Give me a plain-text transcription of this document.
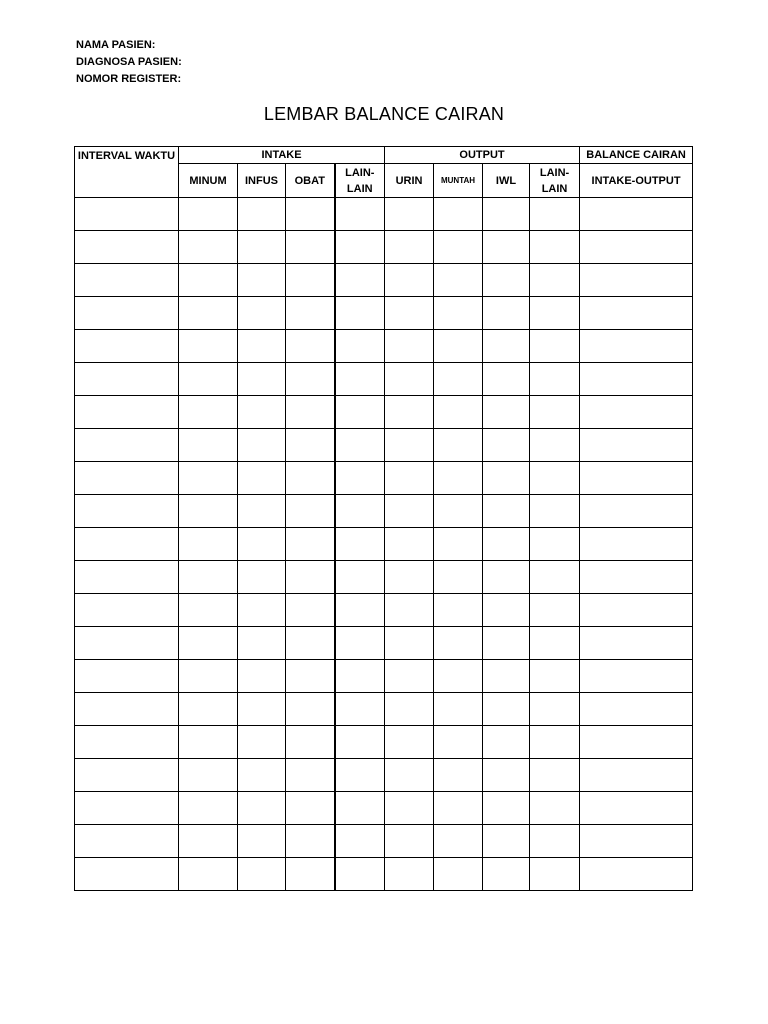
NAMA PASIEN:
DIAGNOSA PASIEN:
NOMOR REGISTER:
LEMBAR BALANCE CAIRAN
INTERVAL WAKTU	INTAKE				OUTPUT				BALANCE CAIRAN
	MINUM	INFUS	OBAT	LAIN-LAIN	URIN	MUNTAH	IWL	LAIN-LAIN	INTAKE-OUTPUT
